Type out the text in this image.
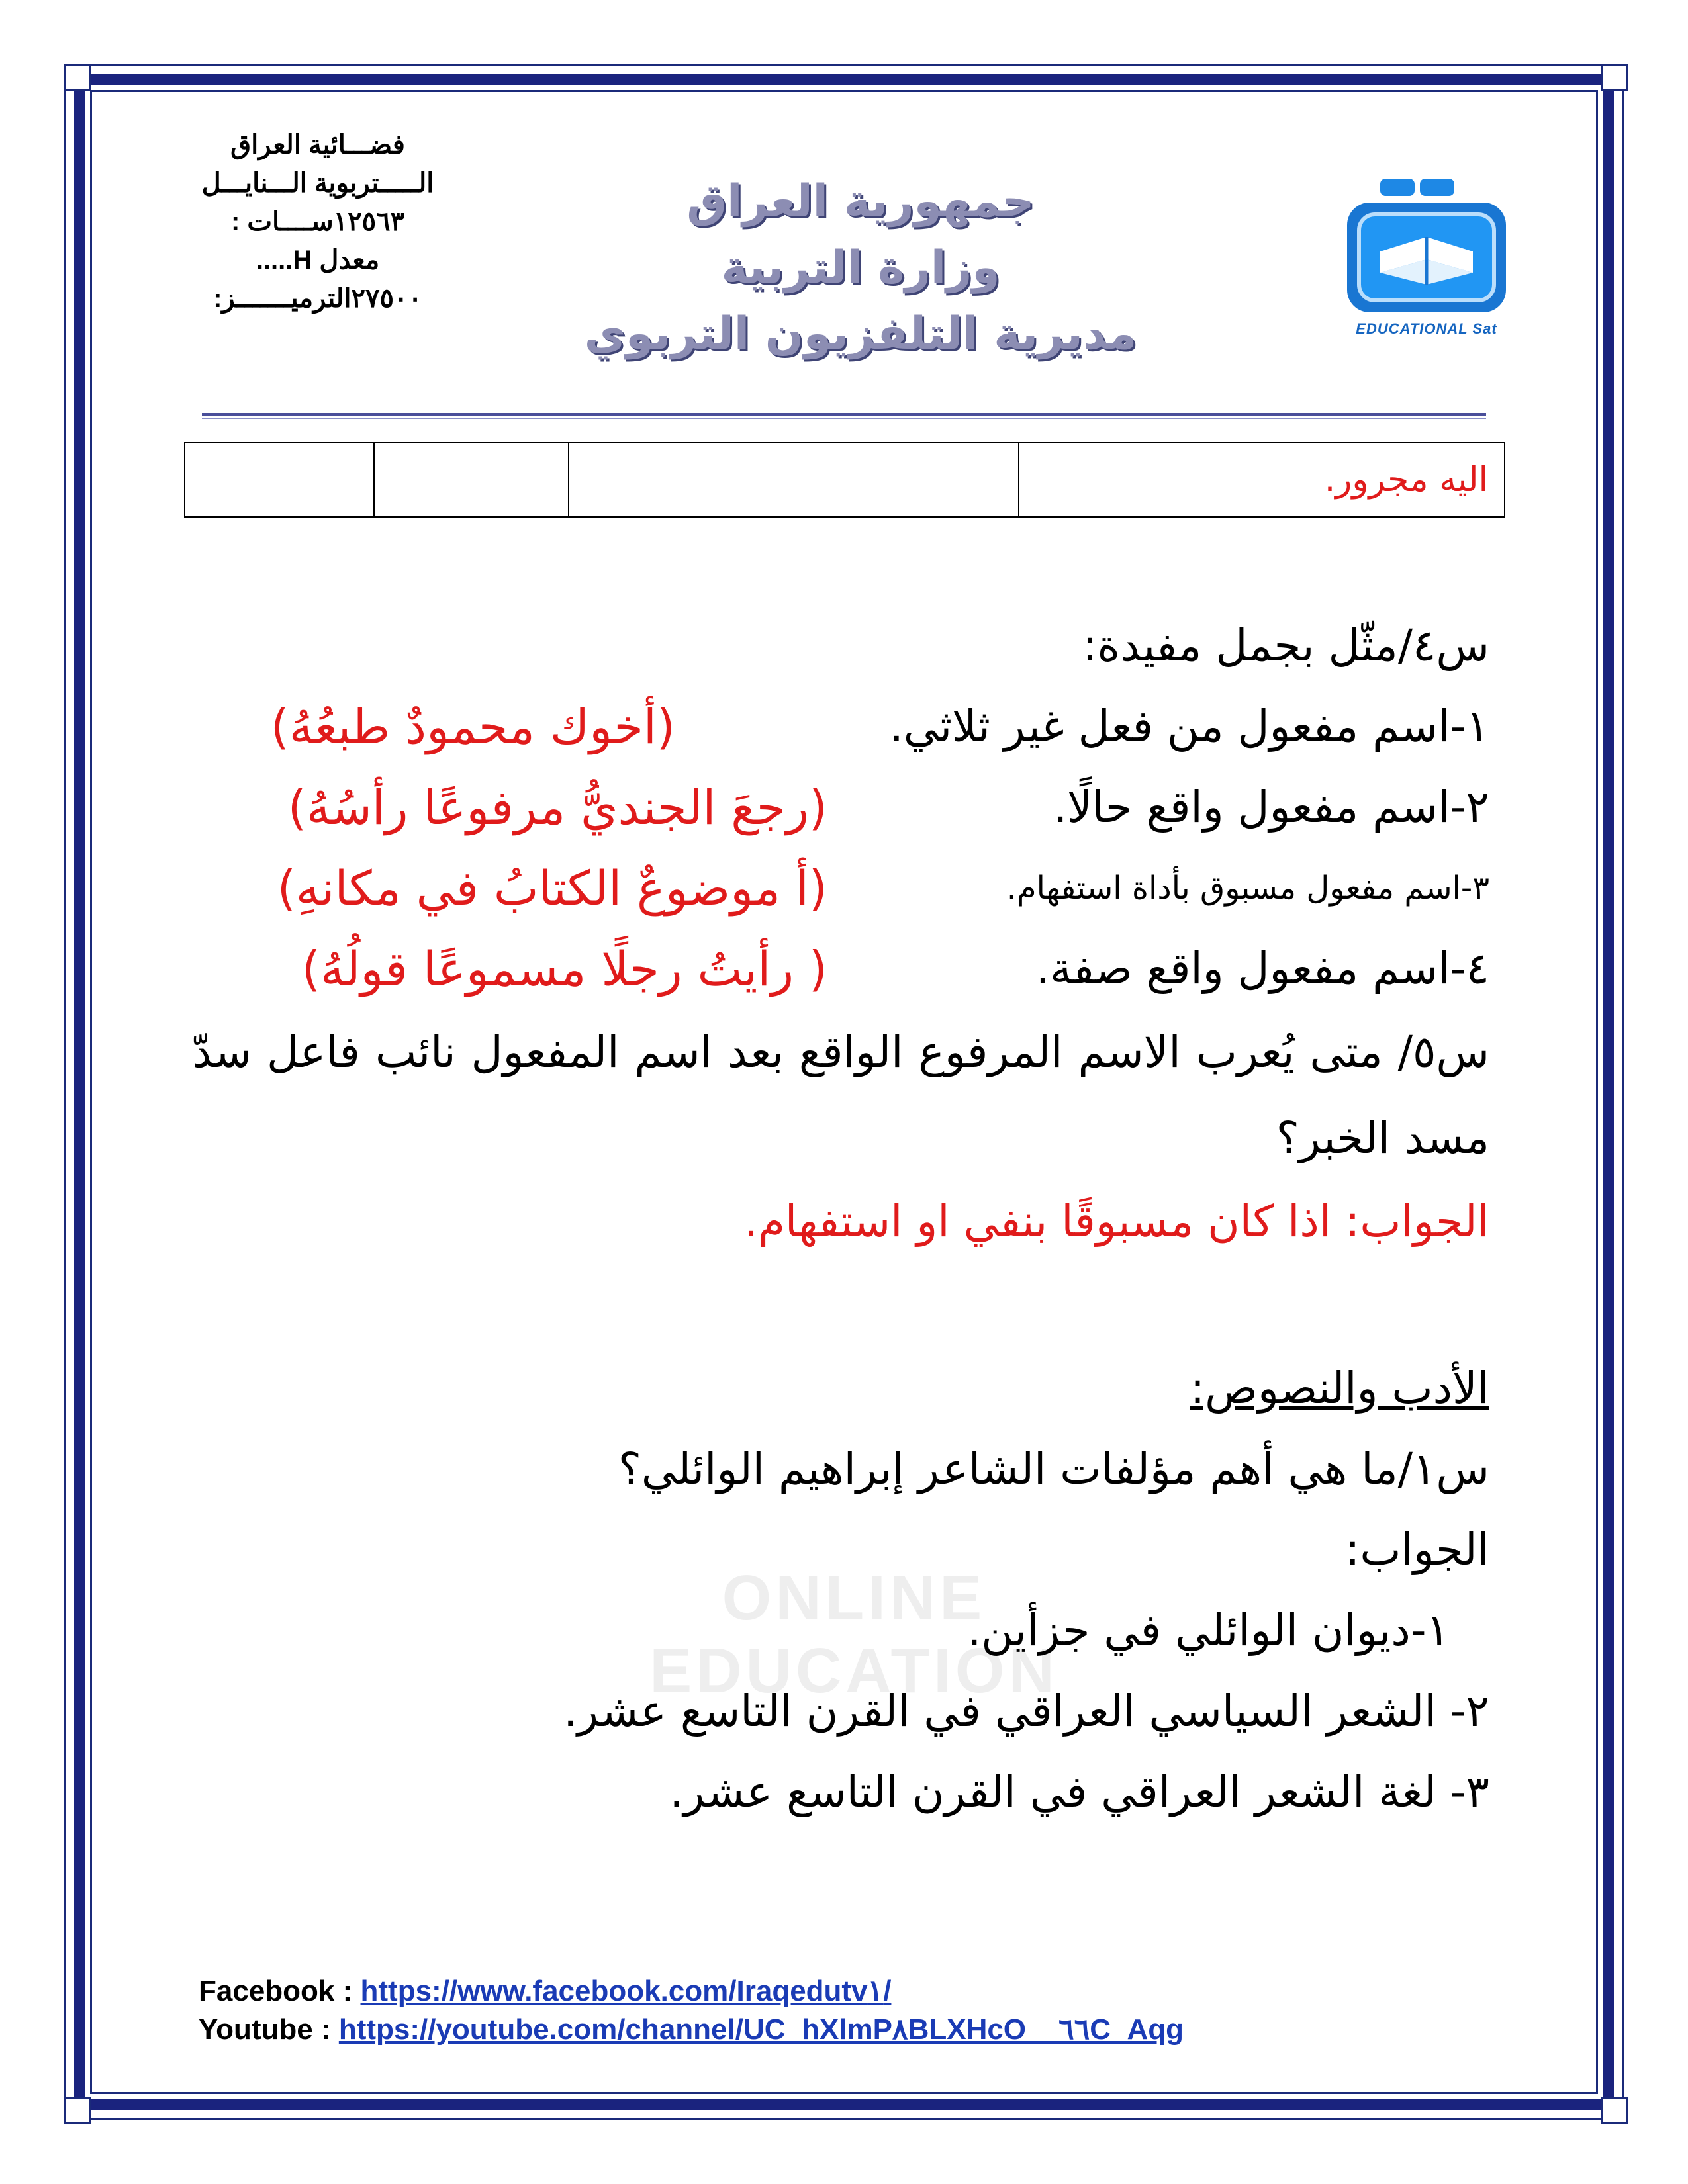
فضـــائية العراق
الـــــتربوية الـــنايـــل
١٢٥٦٣ســــات :
معدل H.....
٢٧٥٠٠الترميـــــــز:
جمهورية العراق
وزارة التربية
مديرية التلفزيون التربوي	EDUCATIONAL Sat
			اليه مجرور.
ONLINE EDUCATION
س٤/مثّل بجمل مفيدة:
١-اسم مفعول من فعل غير ثلاثي.
(أخوك محمودٌ طبعُهُ)
٢-اسم مفعول واقع حالًا.
(رجعَ الجنديُّ مرفوعًا رأسُهُ)
٣-اسم مفعول مسبوق بأداة استفهام.
(أ موضوعٌ الكتابُ في مكانهِ)
٤-اسم مفعول واقع صفة.
( رأيتُ رجلًا مسموعًا قولُهُ)
س٥/ متى يُعرب الاسم المرفوع الواقع بعد اسم المفعول نائب فاعل سدّ مسد الخبر؟
الجواب: اذا كان مسبوقًا بنفي او استفهام.
الأدب والنصوص:
س١/ما هي أهم مؤلفات الشاعر إبراهيم الوائلي؟
الجواب:
١-ديوان الوائلي في جزأين.
٢- الشعر السياسي العراقي في القرن التاسع عشر.
٣- لغة الشعر العراقي في القرن التاسع عشر.
Facebook : https://www.facebook.com/Iraqedutv١/
Youtube : https://youtube.com/channel/UC_hXlmP٨BLXHcO__٦٦C_Aqg
